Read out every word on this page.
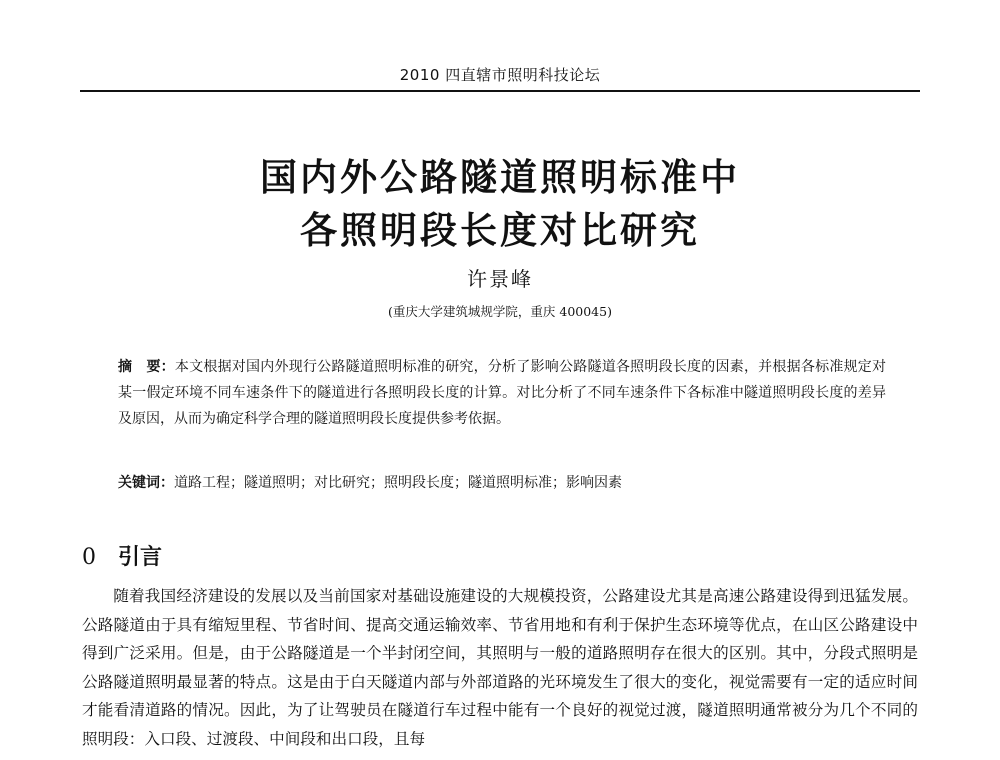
2010 四直辖市照明科技论坛
国内外公路隧道照明标准中
各照明段长度对比研究
许景峰
(重庆大学建筑城规学院，重庆 400045)
摘　要：本文根据对国内外现行公路隧道照明标准的研究，分析了影响公路隧道各照明段长度的因素，并根据各标准规定对某一假定环境不同车速条件下的隧道进行各照明段长度的计算。对比分析了不同车速条件下各标准中隧道照明段长度的差异及原因，从而为确定科学合理的隧道照明段长度提供参考依据。
关键词：道路工程；隧道照明；对比研究；照明段长度；隧道照明标准；影响因素
0 引言
随着我国经济建设的发展以及当前国家对基础设施建设的大规模投资，公路建设尤其是高速公路建设得到迅猛发展。公路隧道由于具有缩短里程、节省时间、提高交通运输效率、节省用地和有利于保护生态环境等优点，在山区公路建设中得到广泛采用。但是，由于公路隧道是一个半封闭空间，其照明与一般的道路照明存在很大的区别。其中，分段式照明是公路隧道照明最显著的特点。这是由于白天隧道内部与外部道路的光环境发生了很大的变化，视觉需要有一定的适应时间才能看清道路的情况。因此，为了让驾驶员在隧道行车过程中能有一个良好的视觉过渡，隧道照明通常被分为几个不同的照明段：入口段、过渡段、中间段和出口段，且每
